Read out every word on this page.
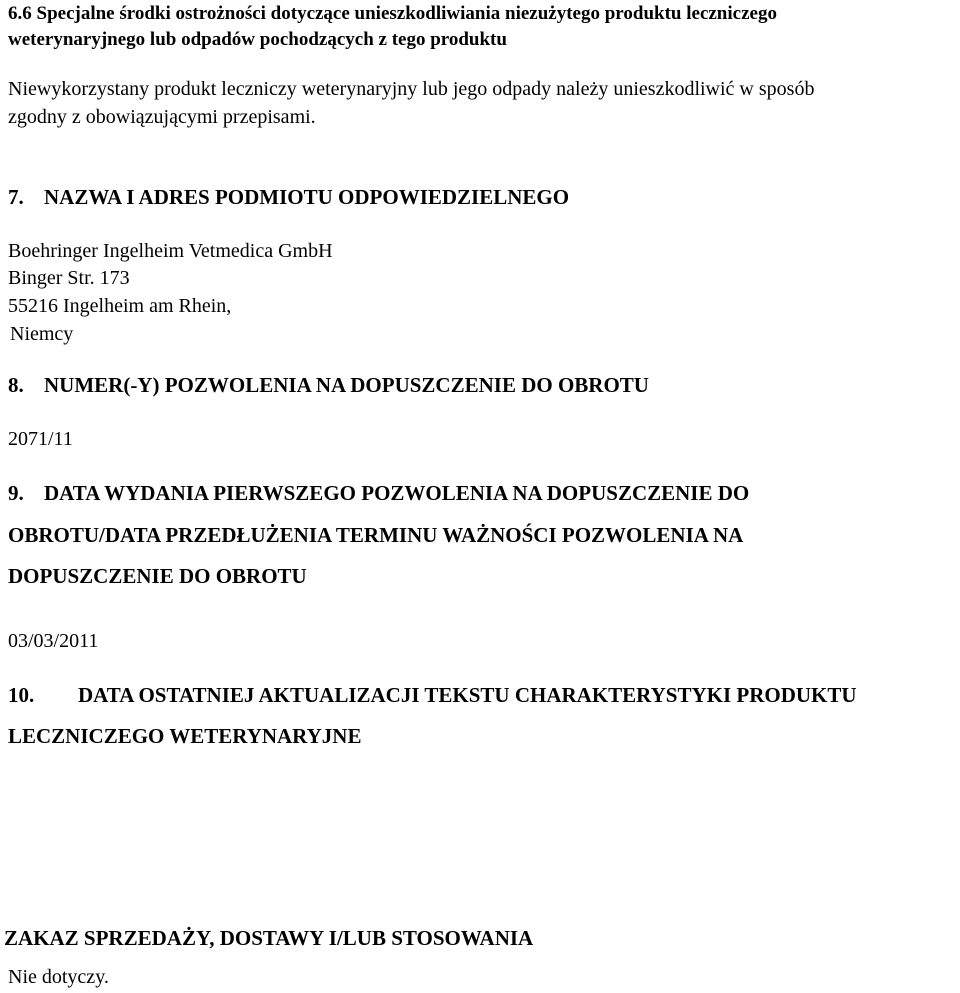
6.6 Specjalne środki ostrożności dotyczące unieszkodliwiania niezużytego produktu leczniczego
weterynaryjnego lub odpadów pochodzących z tego produktu
Niewykorzystany produkt leczniczy weterynaryjny lub jego odpady należy unieszkodliwić w sposób
zgodny z obowiązującymi przepisami.
7. NAZWA I ADRES PODMIOTU ODPOWIEDZIELNEGO
Boehringer Ingelheim Vetmedica GmbH
Binger Str. 173
55216 Ingelheim am Rhein,
Niemcy
8. NUMER(-Y) POZWOLENIA NA DOPUSZCZENIE DO OBROTU
2071/11
9. DATA WYDANIA PIERWSZEGO POZWOLENIA NA DOPUSZCZENIE DO
OBROTU/DATA PRZEDŁUŻENIA TERMINU WAŻNOŚCI POZWOLENIA NA
DOPUSZCZENIE DO OBROTU
03/03/2011
10. DATA OSTATNIEJ AKTUALIZACJI TEKSTU CHARAKTERYSTYKI PRODUKTU
LECZNICZEGO WETERYNARYJNE
ZAKAZ SPRZEDAŻY, DOSTAWY I/LUB STOSOWANIA
Nie dotyczy.
